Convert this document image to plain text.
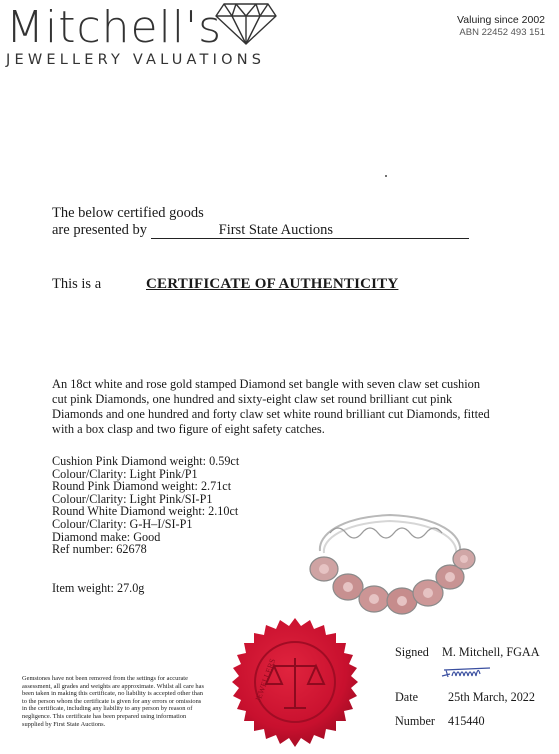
Mitchell's
JEWELLERY VALUATIONS
Valuing since 2002
ABN 22452 493 151
The below certified goods
are presented by	First State Auctions
This is a	CERTIFICATE OF AUTHENTICITY
An 18ct white and rose gold stamped Diamond set bangle with seven claw set cushion cut pink Diamonds, one hundred and sixty-eight claw set round brilliant cut pink Diamonds and one hundred and forty claw set white round brilliant cut Diamonds, fitted with a box clasp and two figure of eight safety catches.
Cushion Pink Diamond weight: 0.59ct
Colour/Clarity: Light Pink/P1
Round Pink Diamond weight: 2.71ct
Colour/Clarity: Light Pink/SI-P1
Round White Diamond weight: 2.10ct
Colour/Clarity: G-H–I/SI-P1
Diamond make: Good
Ref number: 62678
Item weight: 27.0g
JEWELLERS
Gemstones have not been removed from the settings for accurate assessment, all grades and weights are approximate. Whilst all care has been taken in making this certificate, no liability is accepted other than to the person whom the certificate is given for any errors or omissions in the certificate, including any liability to any person by reason of negligence. This certificate has been prepared using information supplied by First State Auctions.
Signed M. Mitchell, FGAA
Date 25th March, 2022
Number 415440
